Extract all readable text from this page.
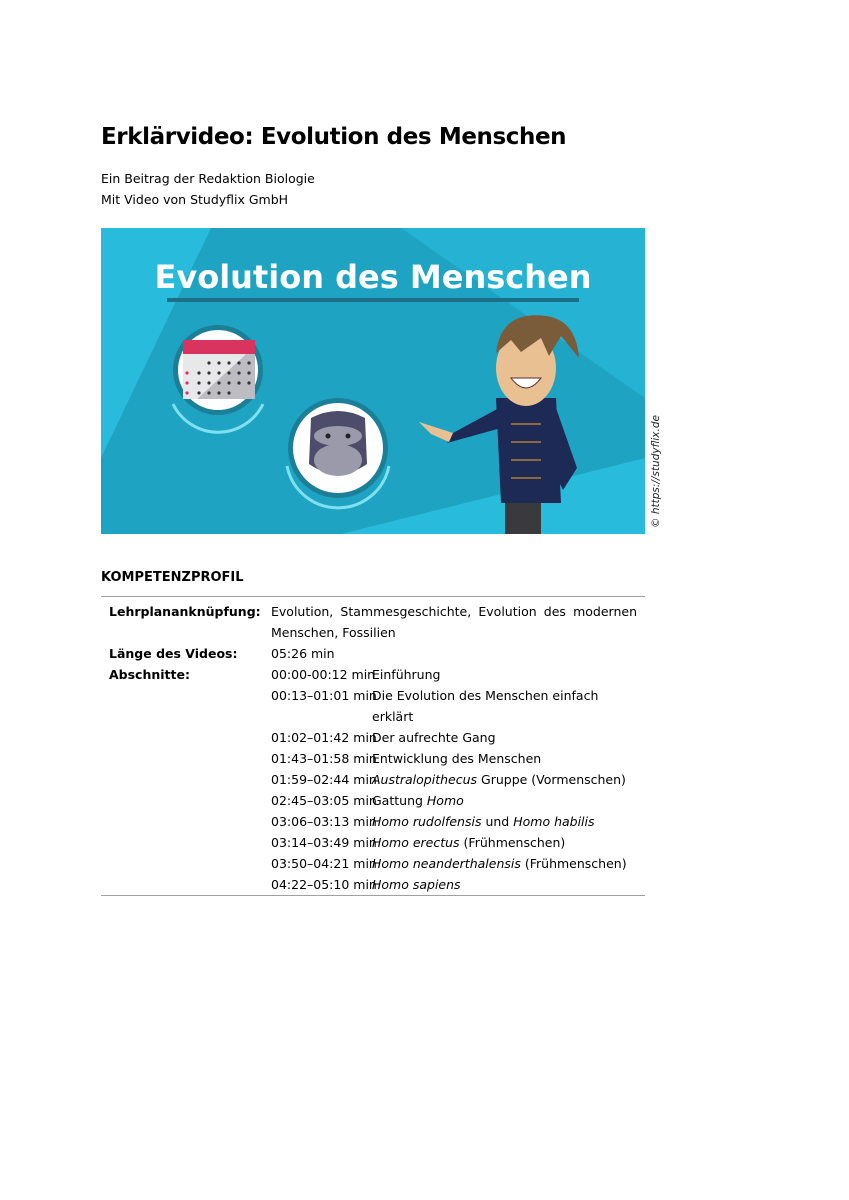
Erklärvideo: Evolution des Menschen
Ein Beitrag der Redaktion Biologie
Mit Video von Studyflix GmbH
Evolution des Menschen
© https://studyflix.de
KOMPETENZPROFIL
Lehrplananknüpfung: Evolution, Stammesgeschichte, Evolution des modernen
Menschen, Fossilien
Länge des Videos:	05:26 min
Abschnitte:	00:00-00:12 min
Einführung
00:13–01:01 min
Die Evolution des Menschen einfach erklärt
01:02–01:42 min
Der aufrechte Gang
01:43–01:58 min
Entwicklung des Menschen
01:59–02:44 min
Australopithecus Gruppe (Vormenschen)
02:45–03:05 min
Gattung Homo
03:06–03:13 min
Homo rudolfensis und Homo habilis
03:14–03:49 min
Homo erectus (Frühmenschen)
03:50–04:21 min
Homo neanderthalensis (Frühmenschen)
04:22–05:10 min
Homo sapiens
